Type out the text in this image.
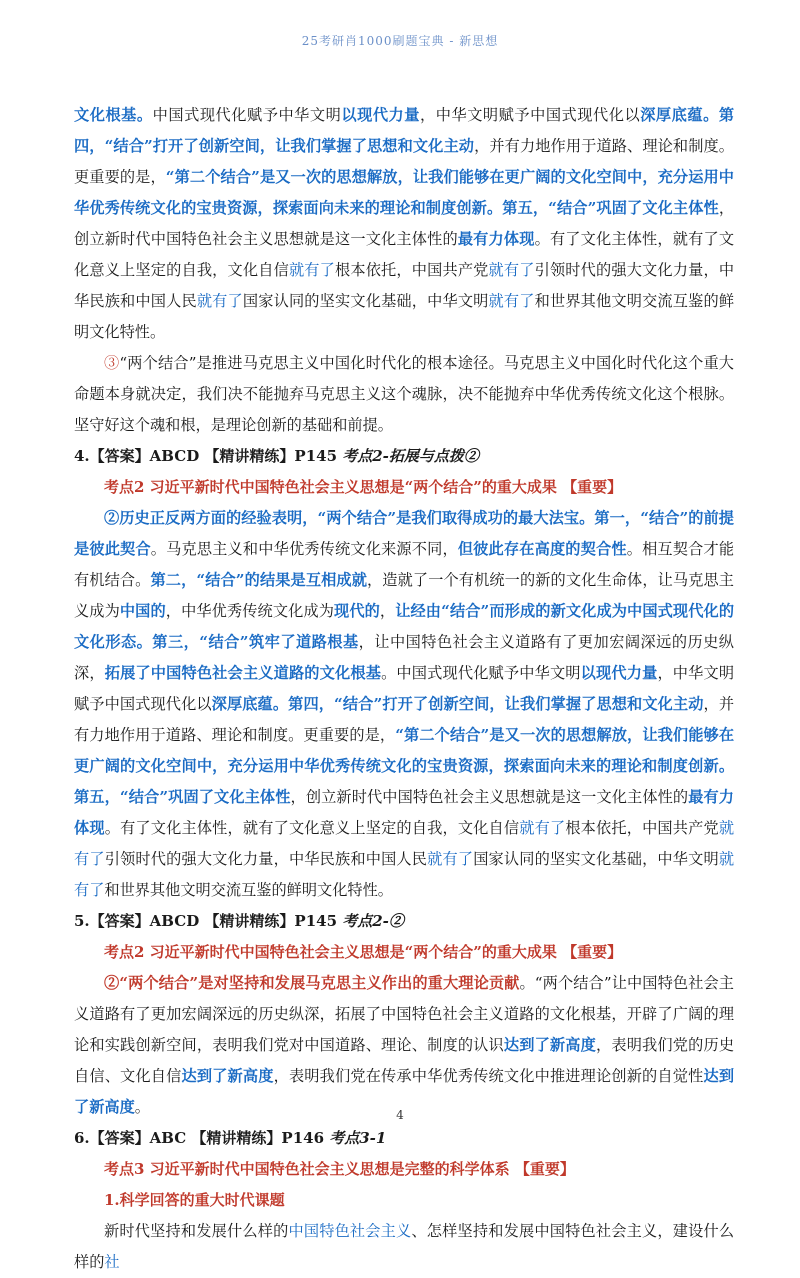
25考研肖1000刷题宝典 - 新思想

文化根基。中国式现代化赋予中华文明以现代力量，中华文明赋予中国式现代化以深厚底蕴。第四，“结合”打开了创新空间，让我们掌握了思想和文化主动，并有力地作用于道路、理论和制度。更重要的是，“第二个结合”是又一次的思想解放，让我们能够在更广阔的文化空间中，充分运用中华优秀传统文化的宝贵资源，探索面向未来的理论和制度创新。第五，“结合”巩固了文化主体性，创立新时代中国特色社会主义思想就是这一文化主体性的最有力体现。有了文化主体性，就有了文化意义上坚定的自我，文化自信就有了根本依托，中国共产党就有了引领时代的强大文化力量，中华民族和中国人民就有了国家认同的坚实文化基础，中华文明就有了和世界其他文明交流互鉴的鲜明文化特性。

③“两个结合”是推进马克思主义中国化时代化的根本途径。马克思主义中国化时代化这个重大命题本身就决定，我们决不能抛弃马克思主义这个魂脉，决不能抛弃中华优秀传统文化这个根脉。坚守好这个魂和根，是理论创新的基础和前提。

4.【答案】ABCD 【精讲精练】P145 考点2-拓展与点拨②

考点2 习近平新时代中国特色社会主义思想是“两个结合”的重大成果 【重要】

②历史正反两方面的经验表明，“两个结合”是我们取得成功的最大法宝。第一，“结合”的前提是彼此契合。马克思主义和中华优秀传统文化来源不同，但彼此存在高度的契合性。相互契合才能有机结合。第二，“结合”的结果是互相成就，造就了一个有机统一的新的文化生命体，让马克思主义成为中国的，中华优秀传统文化成为现代的，让经由“结合”而形成的新文化成为中国式现代化的文化形态。第三，“结合”筑牢了道路根基，让中国特色社会主义道路有了更加宏阔深远的历史纵深，拓展了中国特色社会主义道路的文化根基。中国式现代化赋予中华文明以现代力量，中华文明赋予中国式现代化以深厚底蕴。第四，“结合”打开了创新空间，让我们掌握了思想和文化主动，并有力地作用于道路、理论和制度。更重要的是，“第二个结合”是又一次的思想解放，让我们能够在更广阔的文化空间中，充分运用中华优秀传统文化的宝贵资源，探索面向未来的理论和制度创新。第五，“结合”巩固了文化主体性，创立新时代中国特色社会主义思想就是这一文化主体性的最有力体现。有了文化主体性，就有了文化意义上坚定的自我，文化自信就有了根本依托，中国共产党就有了引领时代的强大文化力量，中华民族和中国人民就有了国家认同的坚实文化基础，中华文明就有了和世界其他文明交流互鉴的鲜明文化特性。

5.【答案】ABCD 【精讲精练】P145 考点2-②

考点2 习近平新时代中国特色社会主义思想是“两个结合”的重大成果 【重要】

②“两个结合”是对坚持和发展马克思主义作出的重大理论贡献。“两个结合”让中国特色社会主义道路有了更加宏阔深远的历史纵深，拓展了中国特色社会主义道路的文化根基，开辟了广阔的理论和实践创新空间，表明我们党对中国道路、理论、制度的认识达到了新高度，表明我们党的历史自信、文化自信达到了新高度，表明我们党在传承中华优秀传统文化中推进理论创新的自觉性达到了新高度。

6.【答案】ABC 【精讲精练】P146 考点3-1

考点3 习近平新时代中国特色社会主义思想是完整的科学体系 【重要】

1.科学回答的重大时代课题

新时代坚持和发展什么样的中国特色社会主义、怎样坚持和发展中国特色社会主义，建设什么样的社

4
